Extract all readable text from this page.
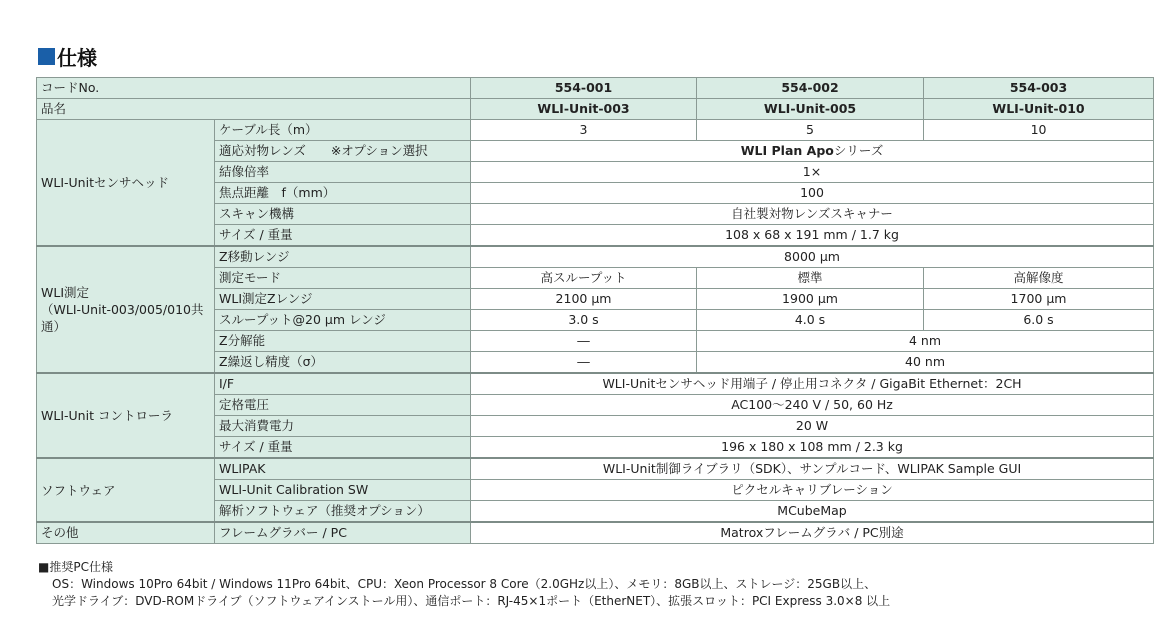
仕様
コードNo.		554-001	554-002	554-003
品名		WLI-Unit-003	WLI-Unit-005	WLI-Unit-010
WLI-Unitセンサヘッド	ケーブル長（m）	3	5	10
	適応対物レンズ　　※オプション選択	WLI Plan Apoシリーズ		
	結像倍率	1×		
	焦点距離　f（mm）	100		
	スキャン機構	自社製対物レンズスキャナー		
	サイズ / 重量	108 x 68 x 191 mm / 1.7 kg		

WLI測定
（WLI-Unit-003/005/010共通）	Z移動レンジ	8000 μm		
	測定モード	高スループット	標準	高解像度
	WLI測定Zレンジ	2100 μm	1900 μm	1700 μm
	スループット@20 μm レンジ	3.0 s	4.0 s	6.0 s
	Z分解能	―	4 nm	
	Z繰返し精度（σ）	―	40 nm	
WLI-Unit コントローラ	I/F	WLI-Unitセンサヘッド用端子 / 停止用コネクタ / GigaBit Ethernet：2CH		
	定格電圧	AC100～240 V / 50, 60 Hz		
	最大消費電力	20 W		
	サイズ / 重量	196 x 180 x 108 mm / 2.3 kg		
ソフトウェア	WLIPAK	WLI-Unit制御ライブラリ（SDK）、サンプルコード、WLIPAK Sample GUI		
	WLI-Unit Calibration SW	ピクセルキャリブレーション		
	解析ソフトウェア（推奨オプション）	MCubeMap		
その他	フレームグラバー / PC	Matroxフレームグラバ / PC別途		
■推奨PC仕様
OS：Windows 10Pro 64bit / Windows 11Pro 64bit、CPU：Xeon Processor 8 Core（2.0GHz以上）、メモリ：8GB以上、ストレージ：25GB以上、
光学ドライブ：DVD-ROMドライブ（ソフトウェアインストール用）、通信ポート：RJ-45×1ポート（EtherNET）、拡張スロット：PCI Express 3.0×8 以上
